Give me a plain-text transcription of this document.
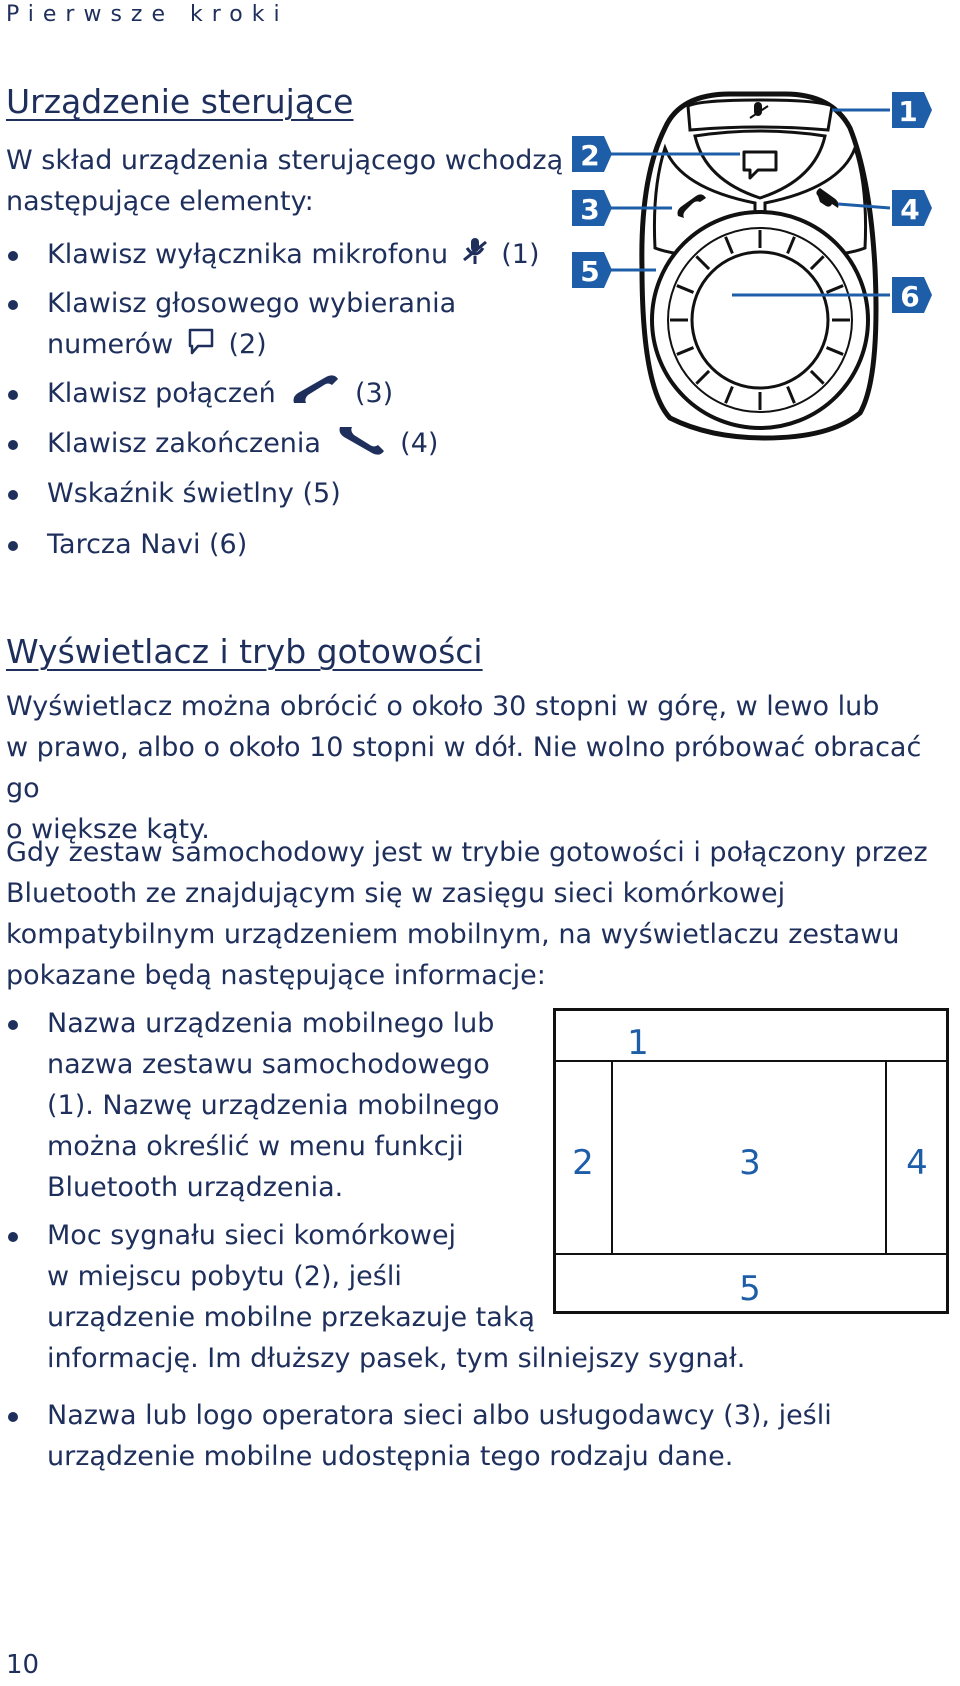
Pierwsze kroki
Urządzenie sterujące
W skład urządzenia sterującego wchodzą
następujące elementy:
Klawisz wyłącznika mikrofonu (1)
Klawisz głosowego wybierania
numerów (2)
Klawisz połączeń	(3)
Klawisz zakończenia	(4)
Wskaźnik świetlny (5)
Tarcza Navi (6)
1
2
3	4
5
6
Wyświetlacz i tryb gotowości
Wyświetlacz można obrócić o około 30 stopni w górę, w lewo lub
w prawo, albo o około 10 stopni w dół. Nie wolno próbować obracać go
o większe kąty.
Gdy zestaw samochodowy jest w trybie gotowości i połączony przez
Bluetooth ze znajdującym się w zasięgu sieci komórkowej
kompatybilnym urządzeniem mobilnym, na wyświetlaczu zestawu
pokazane będą następujące informacje:
Nazwa urządzenia mobilnego lub
nazwa zestawu samochodowego
(1). Nazwę urządzenia mobilnego
można określić w menu funkcji
Bluetooth urządzenia.
Moc sygnału sieci komórkowej
w miejscu pobytu (2), jeśli
urządzenie mobilne przekazuje taką
informację. Im dłuższy pasek, tym silniejszy sygnał.
Nazwa lub logo operatora sieci albo usługodawcy (3), jeśli
urządzenie mobilne udostępnia tego rodzaju dane.
1
2	3	4
5
10
